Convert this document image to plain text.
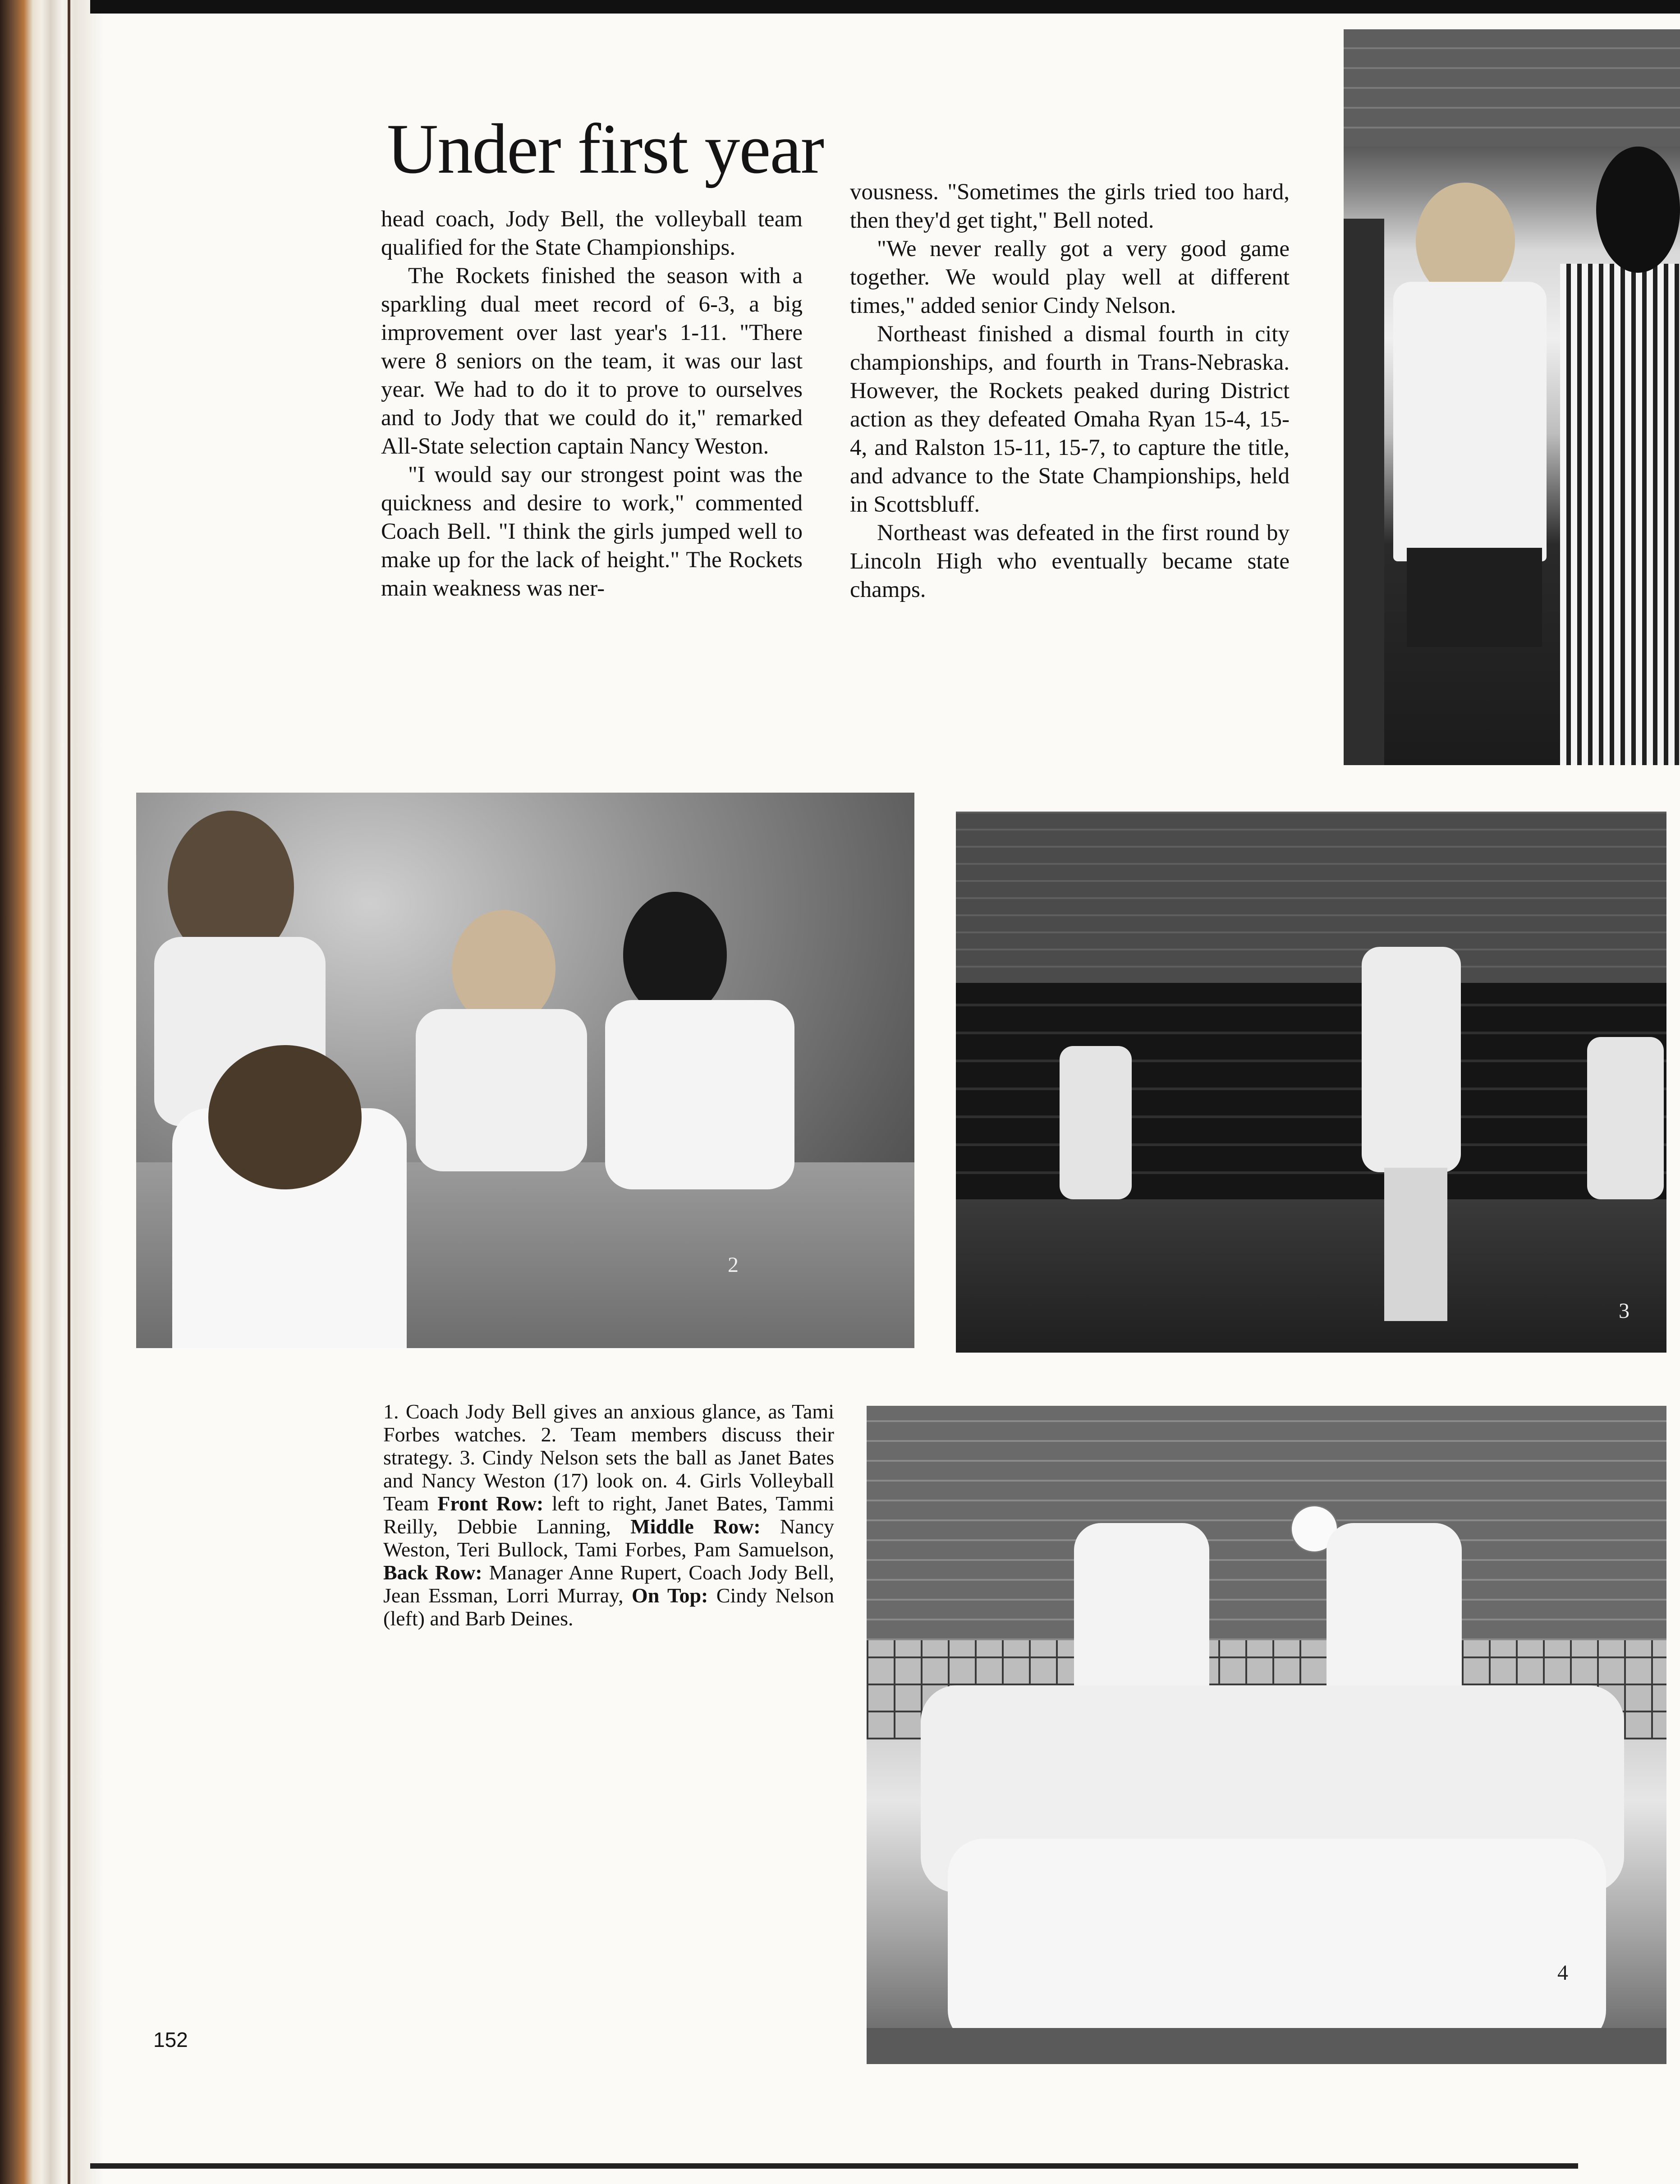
Under first year

head coach, Jody Bell, the volleyball team qualified for the State Championships.

The Rockets finished the season with a sparkling dual meet record of 6-3, a big improvement over last year's 1-11. "There were 8 seniors on the team, it was our last year. We had to do it to prove to ourselves and to Jody that we could do it," remarked All-State selection captain Nancy Weston.

"I would say our strongest point was the quickness and desire to work," commented Coach Bell. "I think the girls jumped well to make up for the lack of height." The Rockets main weakness was ner-

vousness. "Sometimes the girls tried too hard, then they'd get tight," Bell noted.

"We never really got a very good game together. We would play well at different times," added senior Cindy Nelson.

Northeast finished a dismal fourth in city championships, and fourth in Trans-Nebraska. However, the Rockets peaked during District action as they defeated Omaha Ryan 15-4, 15-4, and Ralston 15-11, 15-7, to capture the title, and advance to the State Championships, held in Scottsbluff.

Northeast was defeated in the first round by Lincoln High who eventually became state champs.

2
3
4
1. Coach Jody Bell gives an anxious glance, as Tami Forbes watches. 2. Team members discuss their strategy. 3. Cindy Nelson sets the ball as Janet Bates and Nancy Weston (17) look on. 4. Girls Volleyball Team Front Row: left to right, Janet Bates, Tammi Reilly, Debbie Lanning, Middle Row: Nancy Weston, Teri Bullock, Tami Forbes, Pam Samuelson, Back Row: Manager Anne Rupert, Coach Jody Bell, Jean Essman, Lorri Murray, On Top: Cindy Nelson (left) and Barb Deines.
152
